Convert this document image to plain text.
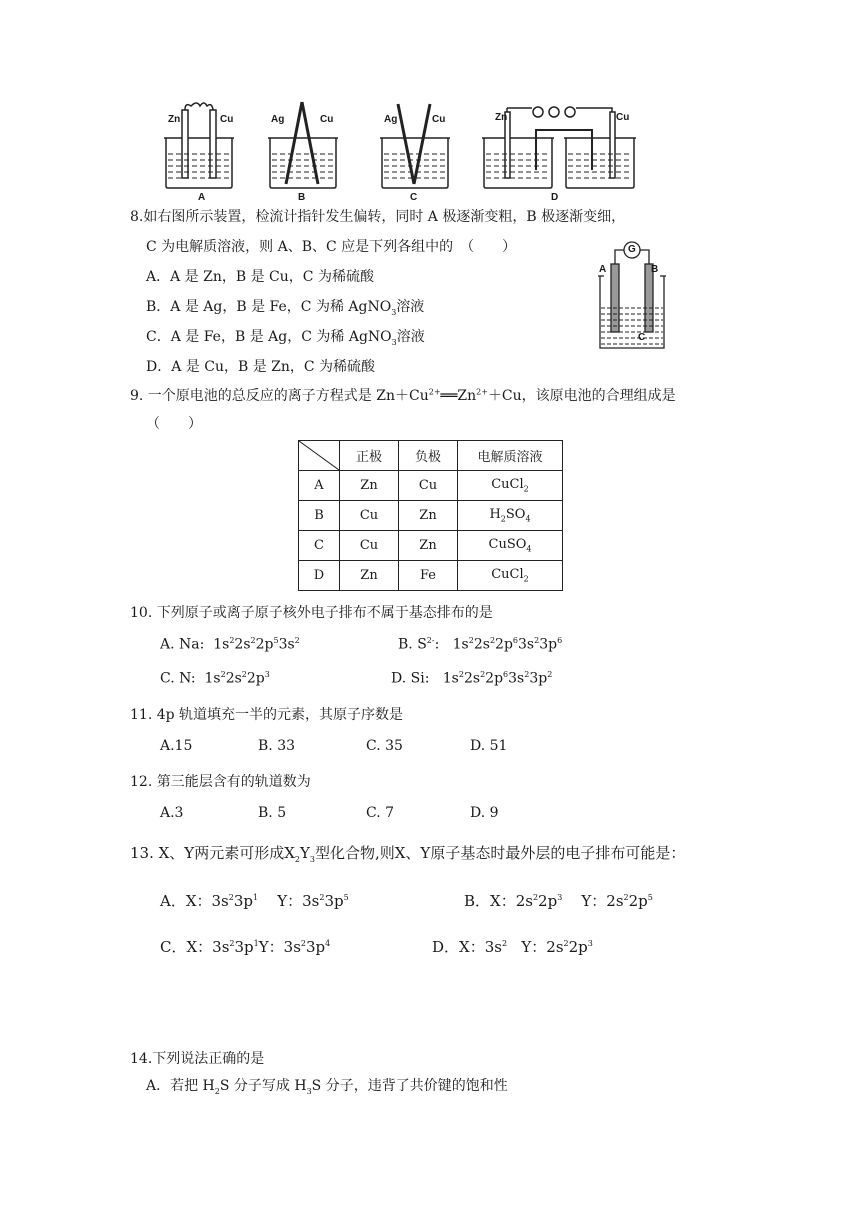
Zn	Cu
A
Ag	Cu
B
Ag	Cu
C
Zn	Cu
D
8.如右图所示装置，检流计指针发生偏转，同时 A 极逐渐变粗，B 极逐渐变细，
C 为电解质溶液，则 A、B、C 应是下列各组中的　（　　）
A．A 是 Zn，B 是 Cu，C 为稀硫酸
B．A 是 Ag，B 是 Fe，C 为稀 AgNO$_3$溶液
C．A 是 Fe，B 是 Ag，C 为稀 AgNO$_3$溶液
D．A 是 Cu，B 是 Zn，C 为稀硫酸
G
A	B
C
9. 一个原电池的总反应的离子方程式是 $Zn+Cu^{2+}══Zn^{2+}+Cu$，该原电池的合理组成是
（　　）
	正极	负极	电解质溶液
A	Zn	Cu	CuCl$_2$
B	Cu	Zn	$H_2SO_4$
C	Cu	Zn	CuSO$_4$
D	Zn	Fe	CuCl$_2$
10. 下列原子或离子原子核外电子排布不属于基态排布的是
A. Na:  $1s^22s^22p^53s^2$	B. $S^{2-}$:   $1s^22s^22p^63s^23p^6$
C. N:  $1s^22s^22p^3$	D. Si:   $1s^22s^22p^63s^23p^2$
11. 4p 轨道填充一半的元素，其原子序数是
A.15	B. 33	C. 35	D. 51
12. 第三能层含有的轨道数为
A.3	B. 5	C. 7	D. 9
13. X、Y两元素可形成$X_2Y_3$型化合物,则X、Y原子基态时最外层的电子排布可能是：
A．X：$3s^23p^1$ Y：$3s^23p^5$	B．X：$2s^22p^3$ Y：$2s^22p^5$
C．X：$3s^23p^1Y$：$3s^23p^4$	D．X：$3s^2$ Y：$2s^22p^3$
14.下列说法正确的是
A．若把 $H_2S$ 分子写成 $H_3S$ 分子，违背了共价键的饱和性
